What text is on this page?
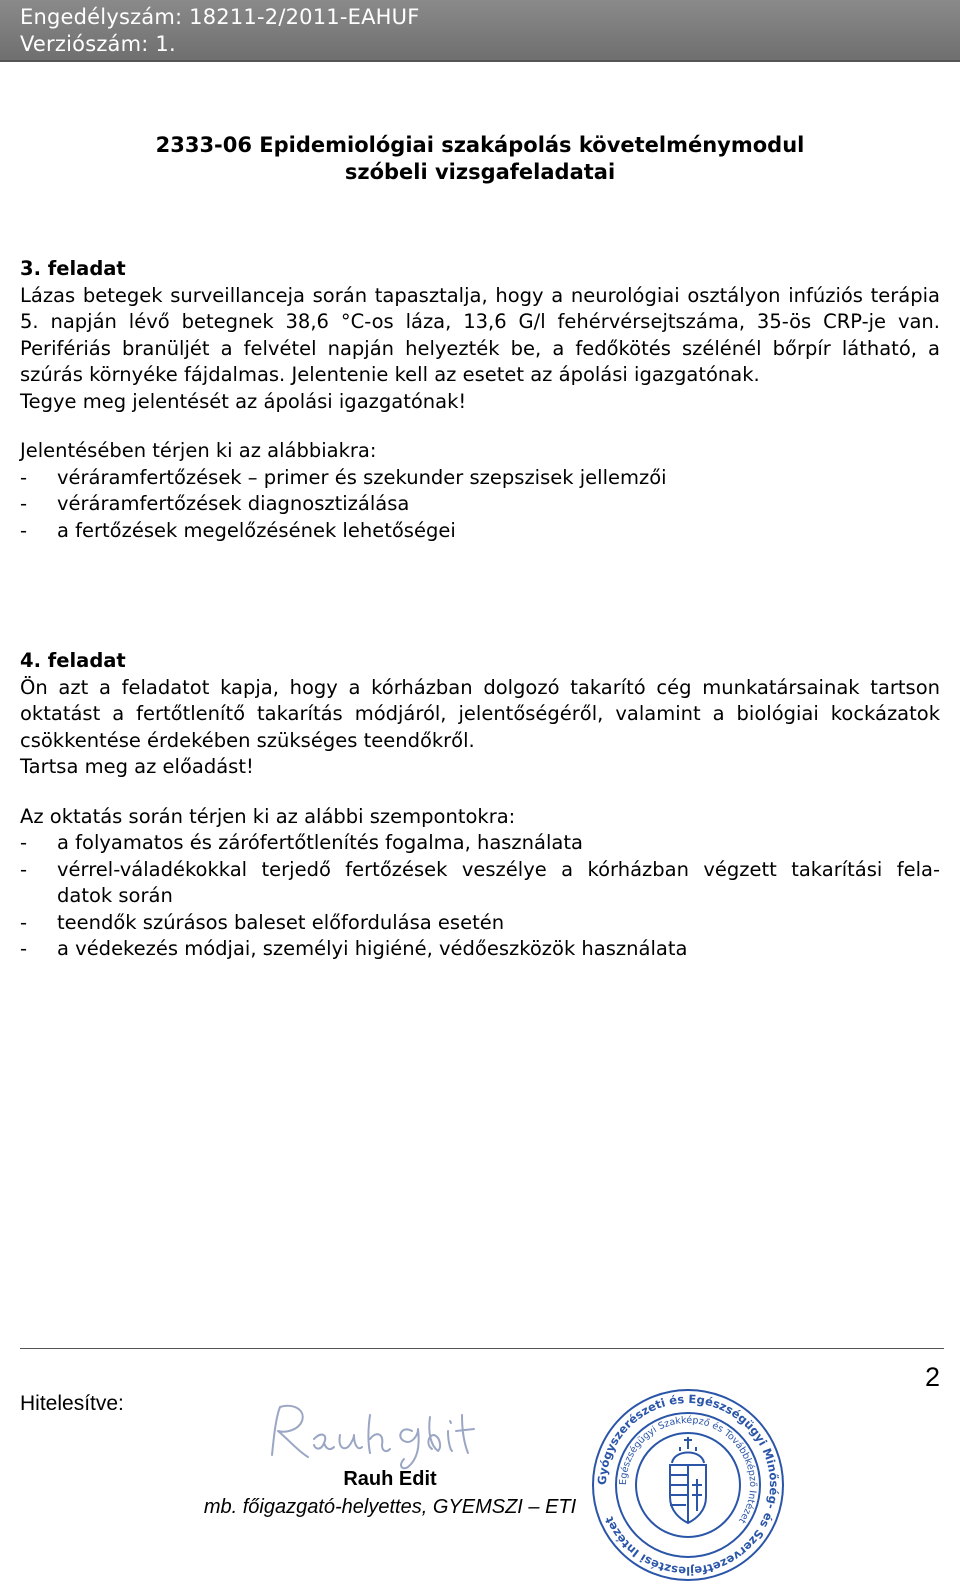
Engedélyszám: 18211-2/2011-EAHUF
Verziószám: 1.
2333-06 Epidemiológiai szakápolás követelménymodul
szóbeli vizsgafeladatai
3. feladat
Lázas betegek surveillanceja során tapasztalja, hogy a neurológiai osztályon infúziós terápia
5. napján lévő betegnek 38,6 °C-os láza, 13,6 G/l fehérvérsejtszáma, 35-ös CRP-je van.
Perifériás branüljét a felvétel napján helyezték be, a fedőkötés szélénél bőrpír látható, a
szúrás környéke fájdalmas. Jelentenie kell az esetet az ápolási igazgatónak.
Tegye meg jelentését az ápolási igazgatónak!
Jelentésében térjen ki az alábbiakra:
-	véráramfertőzések – primer és szekunder szepszisek jellemzői
-	véráramfertőzések diagnosztizálása
-	a fertőzések megelőzésének lehetőségei
4. feladat
Ön azt a feladatot kapja, hogy a kórházban dolgozó takarító cég munkatársainak tartson
oktatást a fertőtlenítő takarítás módjáról, jelentőségéről, valamint a biológiai kockázatok
csökkentése érdekében szükséges teendőkről.
Tartsa meg az előadást!
Az oktatás során térjen ki az alábbi szempontokra:
-	a folyamatos és zárófertőtlenítés fogalma, használata
-	vérrel-váladékokkal terjedő fertőzések veszélye a kórházban végzett takarítási fela-
datok során
-	teendők szúrásos baleset előfordulása esetén
-	a védekezés módjai, személyi higiéné, védőeszközök használata
2
Hitelesítve:
Rauh Edit
mb. főigazgató-helyettes, GYEMSZI – ETI
Gyógyszerészeti és Egészségügyi Minőség- és Szervezetfejlesztési Intézet
Egészségügyi Szakképző és Továbbképző Intézet
